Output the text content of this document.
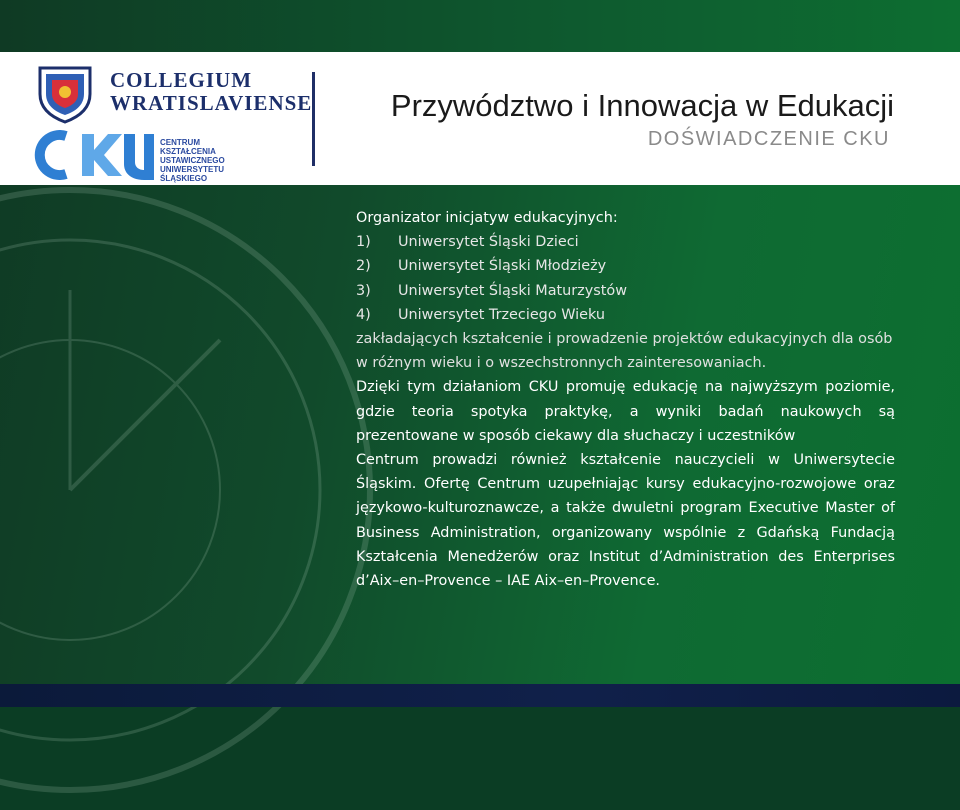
COLLEGIUM
WRATISLAVIENSE
CENTRUM
KSZTAŁCENIA
USTAWICZNEGO
UNIWERSYTETU
ŚLĄSKIEGO
Przywództwo i Innowacja w Edukacji
DOŚWIADCZENIE CKU

Organizator inicjatyw edukacyjnych:

1) Uniwersytet Śląski Dzieci

2) Uniwersytet Śląski Młodzieży

3) Uniwersytet Śląski Maturzystów

4) Uniwersytet Trzeciego Wieku

zakładających kształcenie i prowadzenie projektów edukacyjnych dla osób w różnym wieku i o wszechstronnych zainteresowaniach.

Dzięki tym działaniom CKU promuję edukację na najwyższym poziomie, gdzie teoria spotyka praktykę, a wyniki badań naukowych są prezentowane w sposób ciekawy dla słuchaczy i uczestników

Centrum prowadzi również kształcenie nauczycieli w Uniwersytecie Śląskim. Ofertę Centrum uzupełniając kursy edukacyjno-rozwojowe oraz językowo-kulturoznawcze, a także dwuletni program Executive Master of Business Administration, organizowany wspólnie z Gdańską Fundacją Kształcenia Menedżerów oraz Institut d’Administration des Enterprises d’Aix–en–Provence – IAE Aix–en–Provence.
